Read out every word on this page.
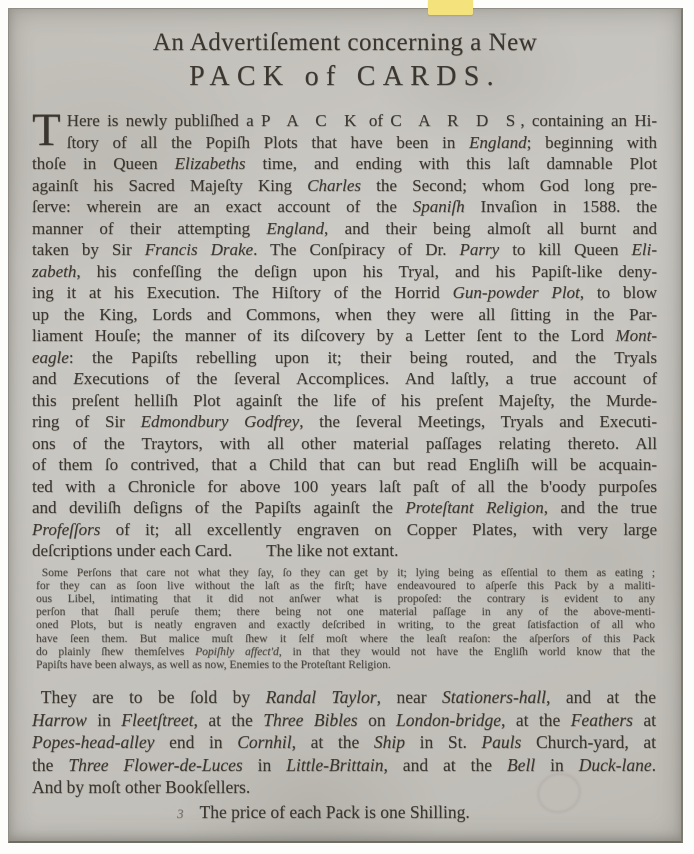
An Advertiſement concerning a New
PACK of CARDS.
T Here is newly publiſhed a P A C K of C A R D S, containing an Hi-
ſtory of all the Popiſh Plots that have been in England; beginning with
thoſe in Queen Elizabeths time, and ending with this laſt damnable Plot
againſt his Sacred Majeſty King Charles the Second; whom God long pre-
ſerve: wherein are an exact account of the Spaniſh Invaſion in 1588. the
manner of their attempting England, and their being almoſt all burnt and
taken by Sir Francis Drake. The Conſpiracy of Dr. Parry to kill Queen Eli-
zabeth, his confeſſing the deſign upon his Tryal, and his Papiſt-like deny-
ing it at his Execution. The Hiſtory of the Horrid Gun-powder Plot, to blow
up the King, Lords and Commons, when they were all ſitting in the Par-
liament Houſe; the manner of its diſcovery by a Letter ſent to the Lord Mont-
eagle: the Papiſts rebelling upon it; their being routed, and the Tryals
and Executions of the ſeveral Accomplices. And laſtly, a true account of
this preſent helliſh Plot againſt the life of his preſent Majeſty, the Murde-
ring of Sir Edmondbury Godfrey, the ſeveral Meetings, Tryals and Executi-
ons of the Traytors, with all other material paſſages relating thereto. All
of them ſo contrived, that a Child that can but read Engliſh will be acquain-
ted with a Chronicle for above 100 years laſt paſt of all the b'oody purpoſes
and deviliſh deſigns of the Papiſts againſt the Proteſtant Religion, and the true
Profeſſors of it; all excellently engraven on Copper Plates, with very large
deſcriptions under each Card.  The like not extant.
 Some Perſons that care not what they ſay, ſo they can get by it; lying being as eſſential to them as eating ;
for they can as ſoon live without the laſt as the firſt; have endeavoured to aſperſe this Pack by a maliti-
ous Libel, intimating that it did not anſwer what is propoſed: the contrary is evident to any
perſon that ſhall peruſe them; there being not one material paſſage in any of the above-menti-
oned Plots, but is neatly engraven and exactly deſcribed in writing, to the great ſatisfaction of all who
have ſeen them. But malice muſt ſhew it ſelf moſt where the leaſt reaſon: the aſperſors of this Pack
do plainly ſhew themſelves Popiſhly affect'd, in that they would not have the Engliſh world know that the
Papiſts have been always, as well as now, Enemies to the Proteſtant Religion.
 They are to be ſold by Randal Taylor, near Stationers-hall, and at the
Harrow in Fleetſtreet, at the Three Bibles on London-bridge, at the Feathers at
Popes-head-alley end in Cornhil, at the Ship in St. Pauls Church-yard, at
the Three Flower-de-Luces in Little-Brittain, and at the Bell in Duck-lane.
And by moſt other Bookſellers.
3 The price of each Pack is one Shilling.
